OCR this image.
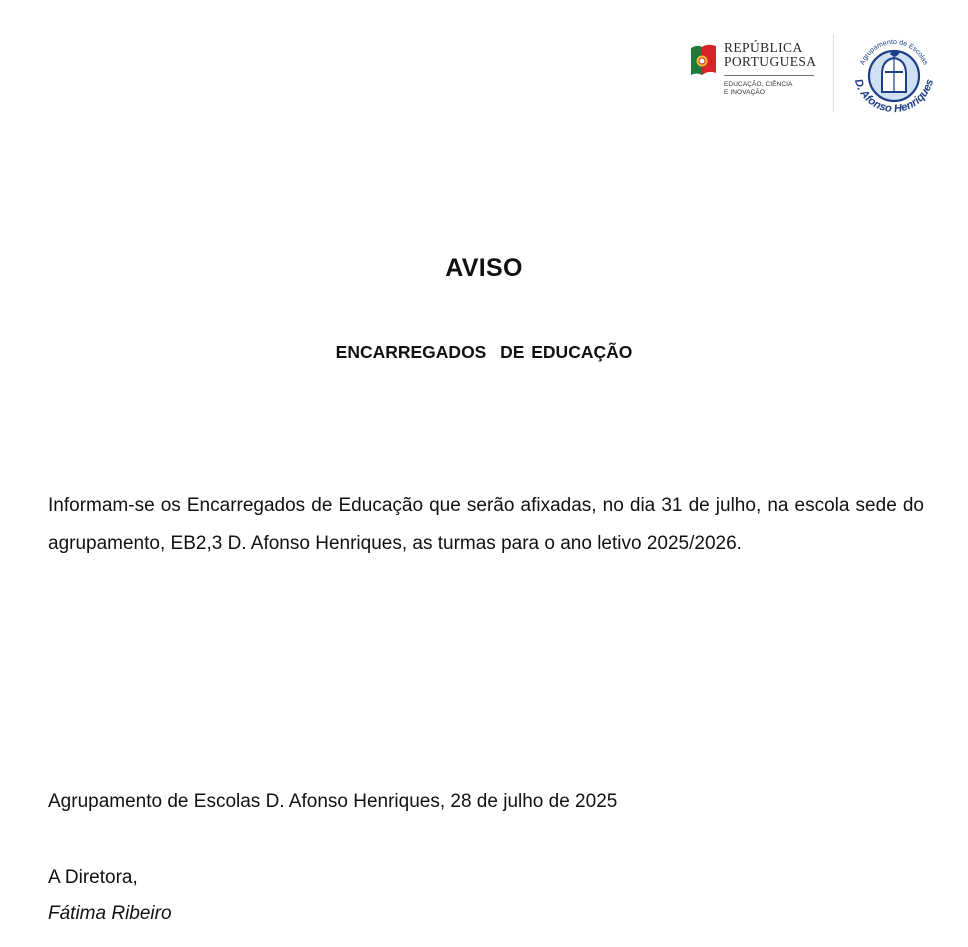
REPÚBLICA
PORTUGUESA
EDUCAÇÃO, CIÊNCIA
E INOVAÇÃO
Agrupamento de Escolas
D. Afonso Henriques
AVISO
ENCARREGADOS  DE EDUCAÇÃO

Informam-se os Encarregados de Educação que serão afixadas, no dia 31 de julho, na escola sede do agrupamento, EB2,3 D. Afonso Henriques, as turmas para o ano letivo 2025/2026.

Agrupamento de Escolas D. Afonso Henriques, 28 de julho de 2025
A Diretora,
Fátima Ribeiro
